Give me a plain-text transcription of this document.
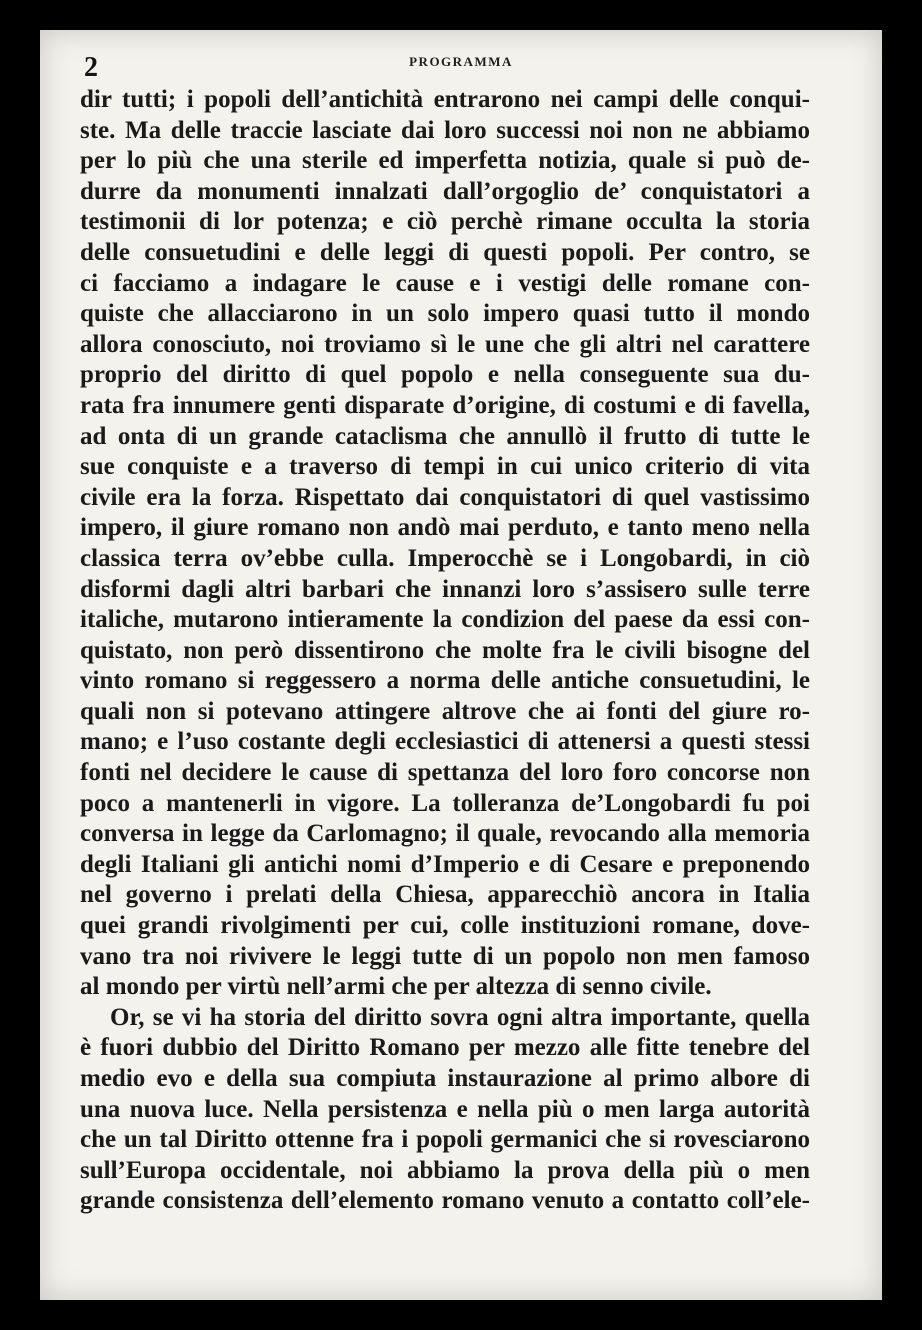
2	PROGRAMMA
dir tutti; i popoli dell’antichità entrarono nei campi delle conqui-
ste. Ma delle traccie lasciate dai loro successi noi non ne abbiamo
per lo più che una sterile ed imperfetta notizia, quale si può de-
durre da monumenti innalzati dall’orgoglio de’ conquistatori a
testimonii di lor potenza; e ciò perchè rimane occulta la storia
delle consuetudini e delle leggi di questi popoli. Per contro, se
ci facciamo a indagare le cause e i vestigi delle romane con-
quiste che allacciarono in un solo impero quasi tutto il mondo
allora conosciuto, noi troviamo sì le une che gli altri nel carattere
proprio del diritto di quel popolo e nella conseguente sua du-
rata fra innumere genti disparate d’origine, di costumi e di favella,
ad onta di un grande cataclisma che annullò il frutto di tutte le
sue conquiste e a traverso di tempi in cui unico criterio di vita
civile era la forza. Rispettato dai conquistatori di quel vastissimo
impero, il giure romano non andò mai perduto, e tanto meno nella
classica terra ov’ebbe culla. Imperocchè se i Longobardi, in ciò
disformi dagli altri barbari che innanzi loro s’assisero sulle terre
italiche, mutarono intieramente la condizion del paese da essi con-
quistato, non però dissentirono che molte fra le civili bisogne del
vinto romano si reggessero a norma delle antiche consuetudini, le
quali non si potevano attingere altrove che ai fonti del giure ro-
mano; e l’uso costante degli ecclesiastici di attenersi a questi stessi
fonti nel decidere le cause di spettanza del loro foro concorse non
poco a mantenerli in vigore. La tolleranza de’Longobardi fu poi
conversa in legge da Carlomagno; il quale, revocando alla memoria
degli Italiani gli antichi nomi d’Imperio e di Cesare e preponendo
nel governo i prelati della Chiesa, apparecchiò ancora in Italia
quei grandi rivolgimenti per cui, colle instituzioni romane, dove-
vano tra noi rivivere le leggi tutte di un popolo non men famoso
al mondo per virtù nell’armi che per altezza di senno civile.
Or, se vi ha storia del diritto sovra ogni altra importante, quella
è fuori dubbio del Diritto Romano per mezzo alle fitte tenebre del
medio evo e della sua compiuta instaurazione al primo albore di
una nuova luce. Nella persistenza e nella più o men larga autorità
che un tal Diritto ottenne fra i popoli germanici che si rovesciarono
sull’Europa occidentale, noi abbiamo la prova della più o men
grande consistenza dell’elemento romano venuto a contatto coll’ele-
